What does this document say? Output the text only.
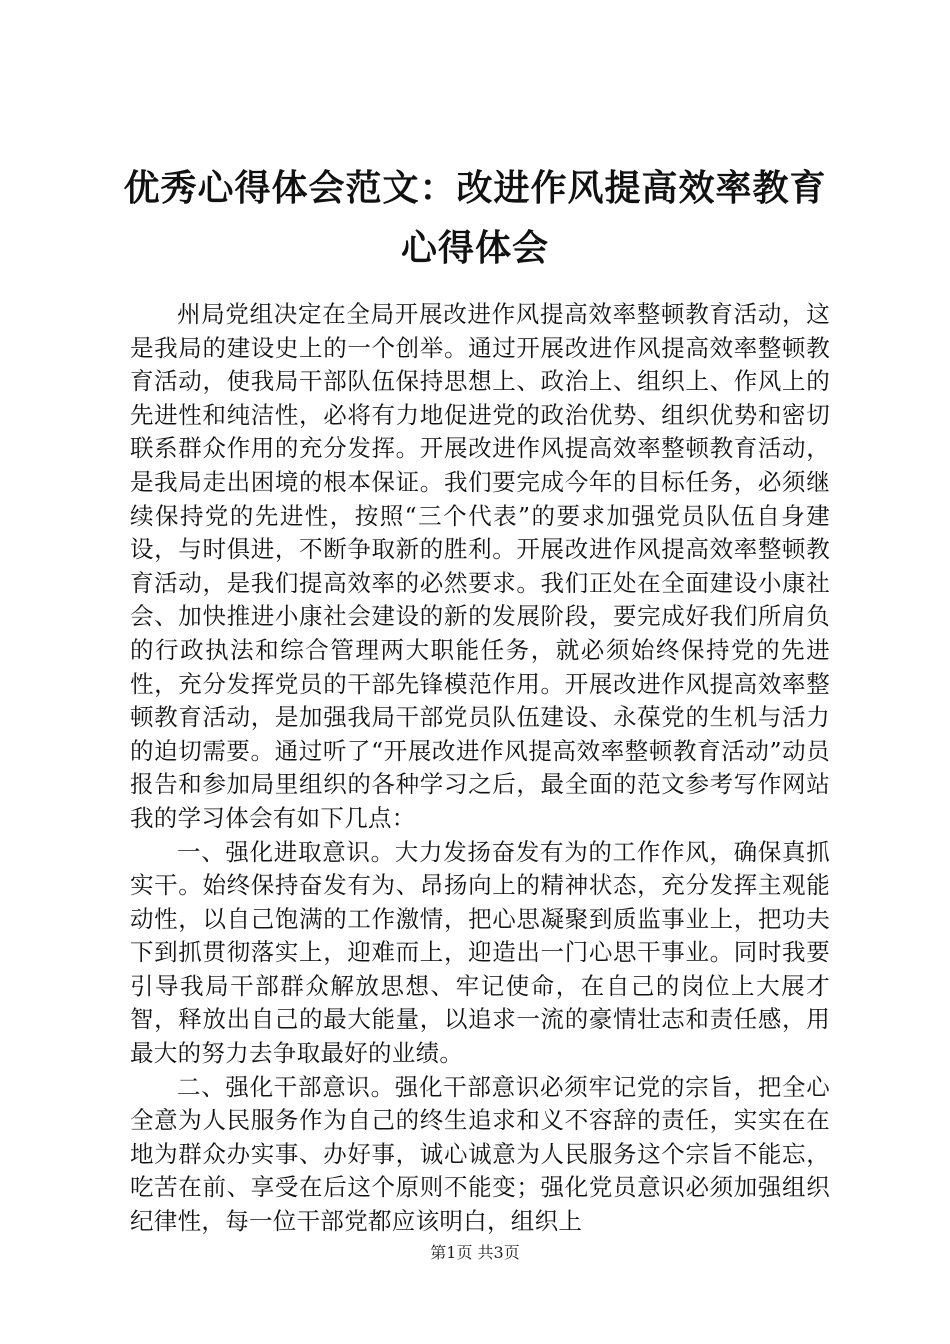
优秀心得体会范文：改进作风提高效率教育心得体会

州局党组决定在全局开展改进作风提高效率整顿教育活动，这是我局的建设史上的一个创举。通过开展改进作风提高效率整顿教育活动，使我局干部队伍保持思想上、政治上、组织上、作风上的先进性和纯洁性，必将有力地促进党的政治优势、组织优势和密切联系群众作用的充分发挥。开展改进作风提高效率整顿教育活动，是我局走出困境的根本保证。我们要完成今年的目标任务，必须继续保持党的先进性，按照“三个代表”的要求加强党员队伍自身建设，与时俱进，不断争取新的胜利。开展改进作风提高效率整顿教育活动，是我们提高效率的必然要求。我们正处在全面建设小康社会、加快推进小康社会建设的新的发展阶段，要完成好我们所肩负的行政执法和综合管理两大职能任务，就必须始终保持党的先进性，充分发挥党员的干部先锋模范作用。开展改进作风提高效率整顿教育活动，是加强我局干部党员队伍建设、永葆党的生机与活力的迫切需要。通过听了“开展改进作风提高效率整顿教育活动”动员报告和参加局里组织的各种学习之后，最全面的范文参考写作网站我的学习体会有如下几点：

一、强化进取意识。大力发扬奋发有为的工作作风，确保真抓实干。始终保持奋发有为、昂扬向上的精神状态，充分发挥主观能动性，以自己饱满的工作激情，把心思凝聚到质监事业上，把功夫下到抓贯彻落实上，迎难而上，迎造出一门心思干事业。同时我要引导我局干部群众解放思想、牢记使命，在自己的岗位上大展才智，释放出自己的最大能量，以追求一流的豪情壮志和责任感，用最大的努力去争取最好的业绩。

二、强化干部意识。强化干部意识必须牢记党的宗旨，把全心全意为人民服务作为自己的终生追求和义不容辞的责任，实实在在地为群众办实事、办好事，诚心诚意为人民服务这个宗旨不能忘，吃苦在前、享受在后这个原则不能变；强化党员意识必须加强组织纪律性，每一位干部党都应该明白，组织上

第1页 共3页
